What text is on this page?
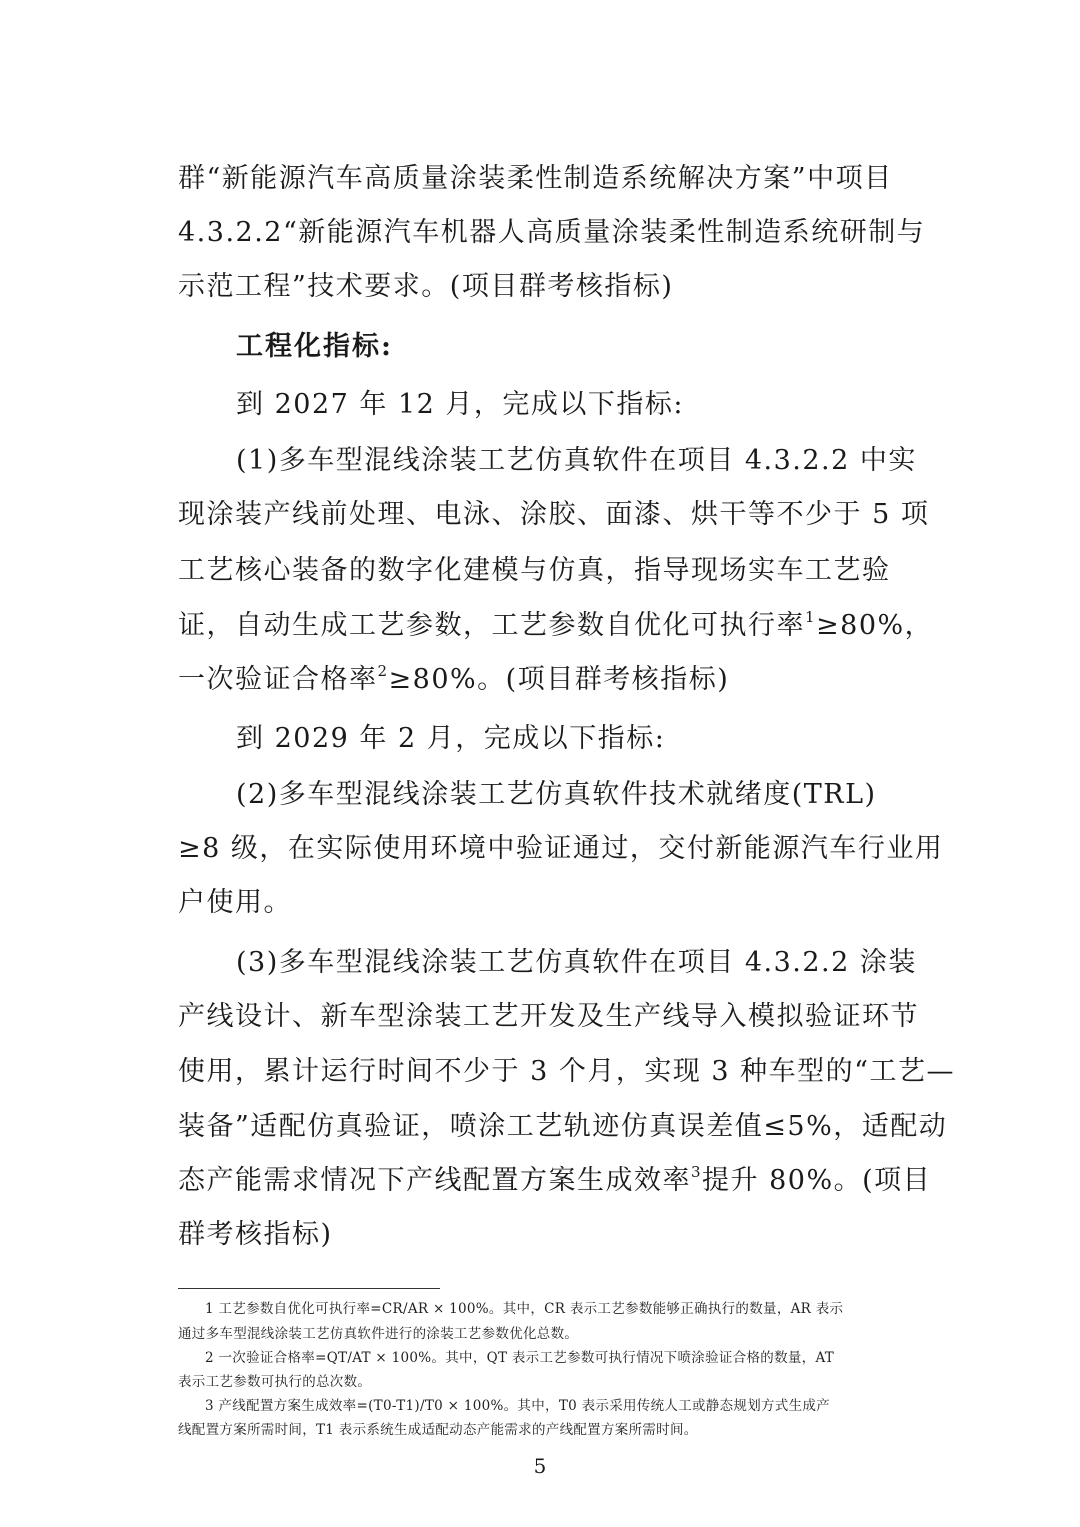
群“新能源汽车高质量涂装柔性制造系统解决方案”中项目
4.3.2.2“新能源汽车机器人高质量涂装柔性制造系统研制与
示范工程”技术要求。(项目群考核指标)
工程化指标:
到 2027 年 12 月，完成以下指标:
(1)多车型混线涂装工艺仿真软件在项目 4.3.2.2 中实
现涂装产线前处理、电泳、涂胶、面漆、烘干等不少于 5 项
工艺核心装备的数字化建模与仿真，指导现场实车工艺验
证，自动生成工艺参数，工艺参数自优化可执行率$^1$≥80%，
一次验证合格率$^2$≥80%。(项目群考核指标)
到 2029 年 2 月，完成以下指标:
(2)多车型混线涂装工艺仿真软件技术就绪度(TRL)
≥8 级，在实际使用环境中验证通过，交付新能源汽车行业用
户使用。
(3)多车型混线涂装工艺仿真软件在项目 4.3.2.2 涂装
产线设计、新车型涂装工艺开发及生产线导入模拟验证环节
使用，累计运行时间不少于 3 个月，实现 3 种车型的“工艺—
装备”适配仿真验证，喷涂工艺轨迹仿真误差值≤5%，适配动
态产能需求情况下产线配置方案生成效率$^3$提升 80%。(项目
群考核指标)
1 工艺参数自优化可执行率=CR/AR × 100%。其中，CR 表示工艺参数能够正确执行的数量，AR 表示
通过多车型混线涂装工艺仿真软件进行的涂装工艺参数优化总数。
2 一次验证合格率=QT/AT × 100%。其中，QT 表示工艺参数可执行情况下喷涂验证合格的数量，AT
表示工艺参数可执行的总次数。
3 产线配置方案生成效率=(T0-T1)/T0 × 100%。其中，T0 表示采用传统人工或静态规划方式生成产
线配置方案所需时间，T1 表示系统生成适配动态产能需求的产线配置方案所需时间。
5
